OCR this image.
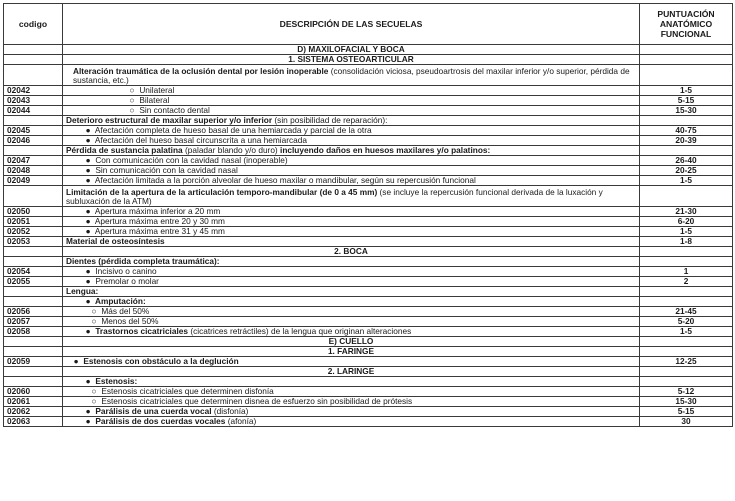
codigo	DESCRIPCIÓN DE LAS SECUELAS	PUNTUACIÓN
ANATÓMICO
FUNCIONAL
	D) MAXILOFACIAL Y BOCA	
	1. SISTEMA OSTEOARTICULAR	
	Alteración traumática de la oclusión dental por lesión inoperable (consolidación viciosa, pseudoartrosis del maxilar inferior y/o superior, pérdida de sustancia, etc.)	
02042	○ Unilateral	1-5
02043	○ Bilateral	5-15
02044	○ Sin contacto dental	15-30
	Deterioro estructural de maxilar superior y/o inferior (sin posibilidad de reparación):	
02045	● Afectación completa de hueso basal de una hemiarcada y parcial de la otra	40-75
02046	● Afectación del hueso basal circunscrita a una hemiarcada	20-39
	Pérdida de sustancia palatina (paladar blando y/o duro) incluyendo daños en huesos maxilares y/o palatinos:	
02047	● Con comunicación con la cavidad nasal (inoperable)	26-40
02048	● Sin comunicación con la cavidad nasal	20-25
02049	● Afectación limitada a la porción alveolar de hueso maxilar o mandibular, según su repercusión funcional	1-5
	Limitación de la apertura de la articulación temporo-mandibular (de 0 a 45 mm) (se incluye la repercusión funcional derivada de la luxación y subluxación de la ATM)	
02050	● Apertura máxima inferior a 20 mm	21-30
02051	● Apertura máxima entre 20 y 30 mm	6-20
02052	● Apertura máxima entre 31 y 45 mm	1-5
02053	Material de osteosíntesis	1-8
	2. BOCA	
	Dientes (pérdida completa traumática):	
02054	● Incisivo o canino	1
02055	● Premolar o molar	2
	Lengua:	
	● Amputación:	
02056	○ Más del 50%	21-45
02057	○ Menos del 50%	5-20
02058	● Trastornos cicatriciales (cicatrices retráctiles) de la lengua que originan alteraciones	1-5
	E) CUELLO	
	1. FARINGE	
02059	● Estenosis con obstáculo a la deglución	12-25
	2. LARINGE	
	● Estenosis:	
02060	○ Estenosis cicatriciales que determinen disfonía	5-12
02061	○ Estenosis cicatriciales que determinen disnea de esfuerzo sin posibilidad de prótesis	15-30
02062	● Parálisis de una cuerda vocal (disfonía)	5-15
02063	● Parálisis de dos cuerdas vocales (afonía)	30
